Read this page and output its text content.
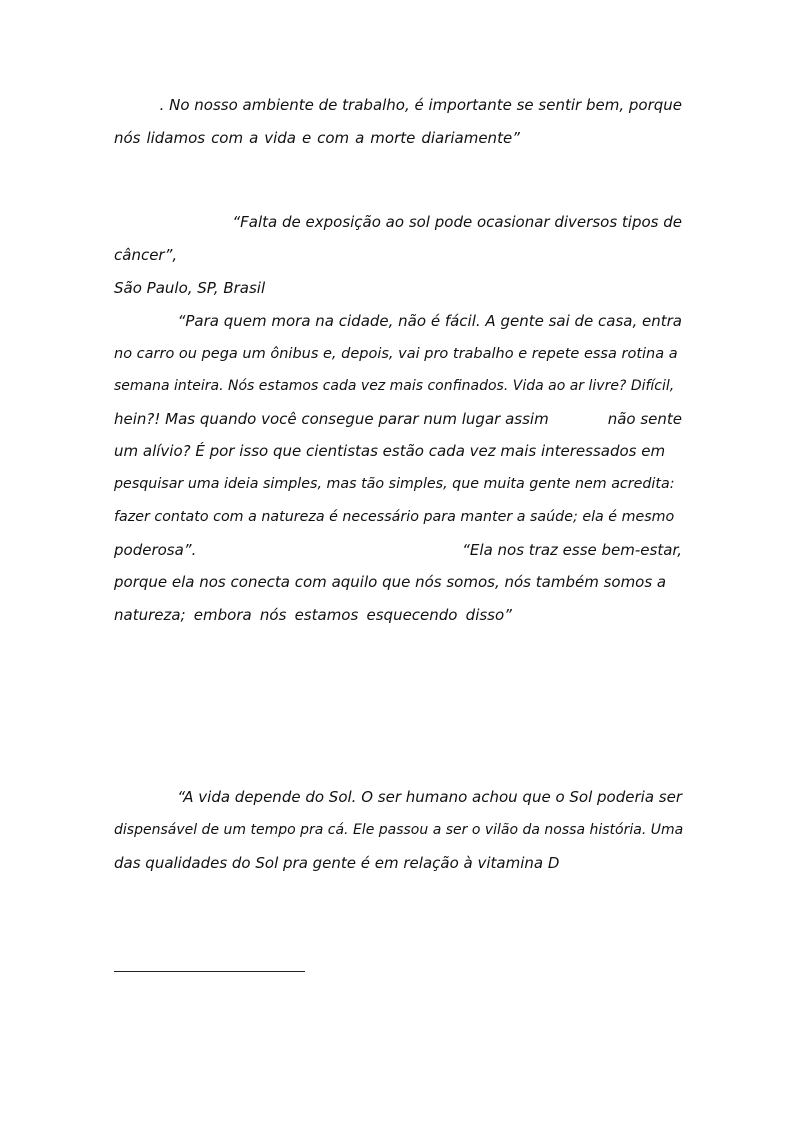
. No nosso ambiente de trabalho, é importante se sentir bem, porque
nós lidamos com a vida e com a morte diariamente”
“Falta de exposição ao sol pode ocasionar diversos tipos de
câncer”,
São Paulo, SP, Brasil
“Para quem mora na cidade, não é fácil. A gente sai de casa, entra
no carro ou pega um ônibus e, depois, vai pro trabalho e repete essa rotina a
semana inteira. Nós estamos cada vez mais confinados. Vida ao ar livre? Difícil,
hein?! Mas quando você consegue parar num lugar assim	não sente
um alívio? É por isso que cientistas estão cada vez mais interessados em
pesquisar uma ideia simples, mas tão simples, que muita gente nem acredita:
fazer contato com a natureza é necessário para manter a saúde; ela é mesmo
poderosa”.	“Ela nos traz esse bem-estar,
porque ela nos conecta com aquilo que nós somos, nós também somos a
natureza; embora nós estamos esquecendo disso”
“A vida depende do Sol. O ser humano achou que o Sol poderia ser
dispensável de um tempo pra cá. Ele passou a ser o vilão da nossa história. Uma
das qualidades do Sol pra gente é em relação à vitamina D
